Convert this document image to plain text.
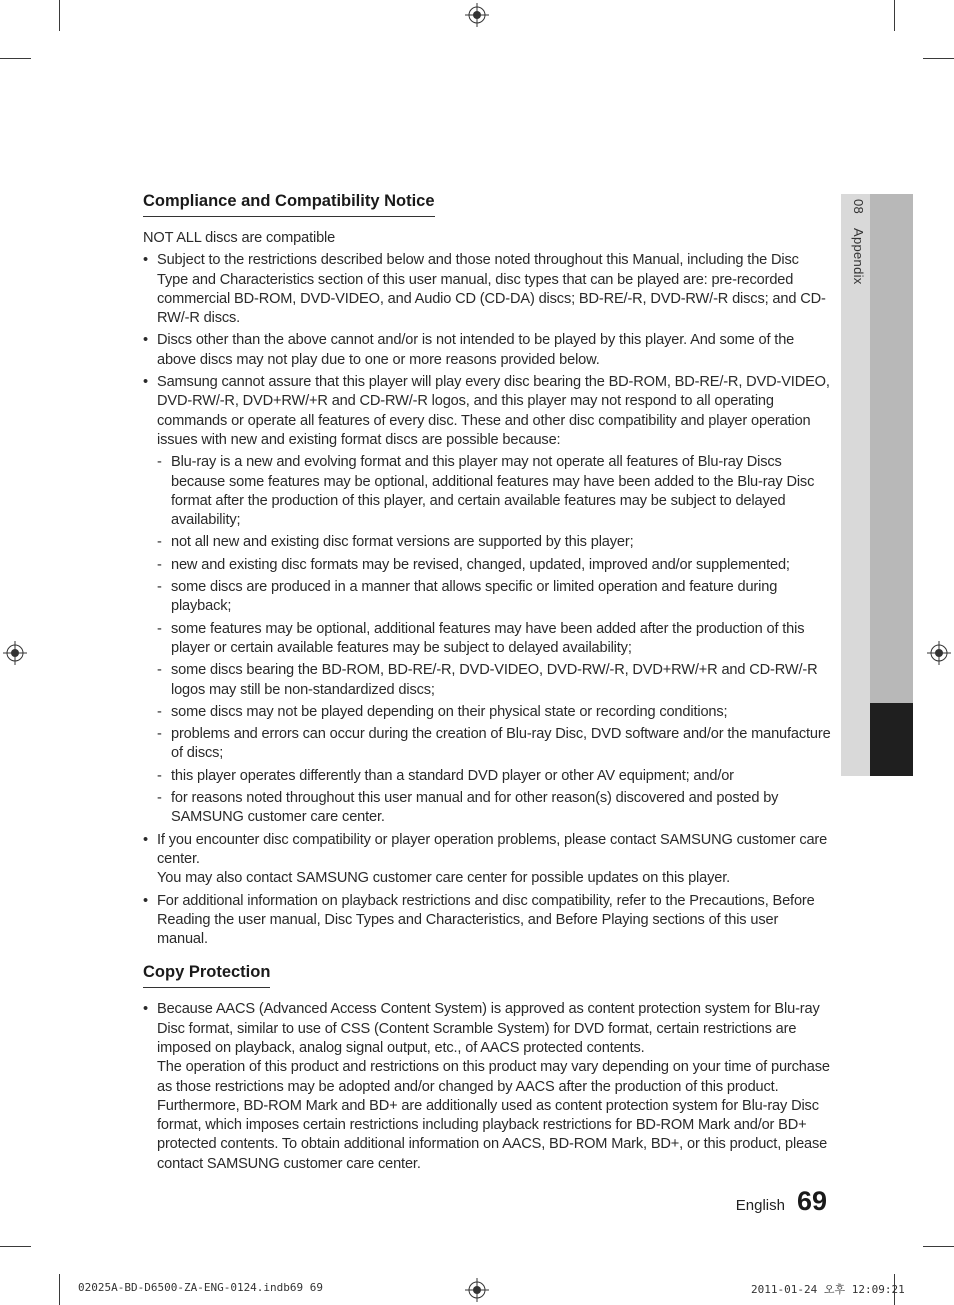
08 Appendix
Compliance and Compatibility Notice
NOT ALL discs are compatible
• Subject to the restrictions described below and those noted throughout this Manual, including the Disc Type and Characteristics section of this user manual, disc types that can be played are: pre-recorded commercial BD-ROM, DVD-VIDEO, and Audio CD (CD-DA) discs; BD-RE/-R, DVD-RW/-R discs; and CD-RW/-R discs.
• Discs other than the above cannot and/or is not intended to be played by this player. And some of the above discs may not play due to one or more reasons provided below.
• Samsung cannot assure that this player will play every disc bearing the BD-ROM, BD-RE/-R, DVD-VIDEO, DVD-RW/-R, DVD+RW/+R and CD-RW/-R logos, and this player may not respond to all operating commands or operate all features of every disc. These and other disc compatibility and player operation issues with new and existing format discs are possible because:
- Blu-ray is a new and evolving format and this player may not operate all features of Blu-ray Discs because some features may be optional, additional features may have been added to the Blu-ray Disc format after the production of this player, and certain available features may be subject to delayed availability;
- not all new and existing disc format versions are supported by this player;
- new and existing disc formats may be revised, changed, updated, improved and/or supplemented;
- some discs are produced in a manner that allows specific or limited operation and feature during playback;
- some features may be optional, additional features may have been added after the production of this player or certain available features may be subject to delayed availability;
- some discs bearing the BD-ROM, BD-RE/-R, DVD-VIDEO, DVD-RW/-R, DVD+RW/+R and CD-RW/-R logos may still be non-standardized discs;
- some discs may not be played depending on their physical state or recording conditions;
- problems and errors can occur during the creation of Blu-ray Disc, DVD software and/or the manufacture of discs;
- this player operates differently than a standard DVD player or other AV equipment; and/or
- for reasons noted throughout this user manual and for other reason(s) discovered and posted by SAMSUNG customer care center.
• If you encounter disc compatibility or player operation problems, please contact SAMSUNG customer care center.
You may also contact SAMSUNG customer care center for possible updates on this player.
• For additional information on playback restrictions and disc compatibility, refer to the Precautions, Before Reading the user manual, Disc Types and Characteristics, and Before Playing sections of this user manual.
Copy Protection
• Because AACS (Advanced Access Content System) is approved as content protection system for Blu-ray Disc format, similar to use of CSS (Content Scramble System) for DVD format, certain restrictions are imposed on playback, analog signal output, etc., of AACS protected contents.
The operation of this product and restrictions on this product may vary depending on your time of purchase as those restrictions may be adopted and/or changed by AACS after the production of this product. Furthermore, BD-ROM Mark and BD+ are additionally used as content protection system for Blu-ray Disc format, which imposes certain restrictions including playback restrictions for BD-ROM Mark and/or BD+ protected contents. To obtain additional information on AACS, BD-ROM Mark, BD+, or this product, please contact SAMSUNG customer care center.
English 69
02025A-BD-D6500-ZA-ENG-0124.indb69 69	2011-01-24 오후 12:09:21
